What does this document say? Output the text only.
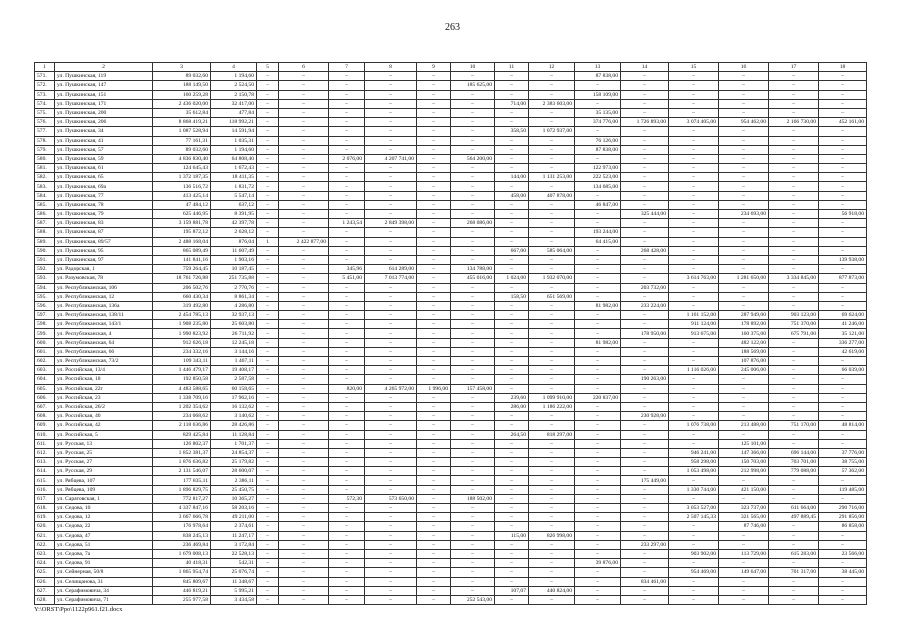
263
1	2	3	4	5	6	7	8	9	10	11	12	13	14	15	16	17	18
571.	ул. Пушкинская, 119	89 032,60	1 194,60	–	–	–	–	–	–	–	–	87 838,00	–	–	–	–	–
572.	ул. Пушкинская, 147	188 149,50	2 524,50	–	–	–	–	–	185 625,00	–	–	–	–	–	–	–	–
573.	ул. Пушкинская, 151	160 259,28	2 150,78	–	–	–	–	–	–	–	–	158 109,00	–	–	–	–	–
574.	ул. Пушкинская, 171	2 436 020,00	32 417,00	–	–	–	–	–	–	714,00	2 383 603,00	–	–	–	–	–	–
575.	ул. Пушкинская, 200	35 612,84	477,84	–	–	–	–	–	–	–	–	35 135,00	–	–	–	–	–
576.	ул. Пушкинская, 206	8 868 419,21	118 992,21	–	–	–	–	–	–	–	–	374 776,00	1 726 893,00	3 074 405,00	954 462,00	2 166 730,00	452 161,00
577.	ул. Пушкинская, 34	1 087 528,94	14 591,94	–	–	–	–	–	–	358,50	1 072 937,00	–	–	–	–	–	–
578.	ул. Пушкинская, 41	77 161,31	1 035,31	–	–	–	–	–	–	–	–	76 126,00	–	–	–	–	–
579.	ул. Пушкинская, 57	89 032,60	1 194,60	–	–	–	–	–	–	–	–	87 838,00	–	–	–	–	–
580.	ул. Пушкинская, 59	4 836 830,40	64 808,40	–	–	2 076,00	4 207 741,00	–	564 200,00	–	–	–	–	–	–	–	–
581.	ул. Пушкинская, 61	124 645,43	1 672,43	–	–	–	–	–	–	–	–	122 973,00	–	–	–	–	–
582.	ул. Пушкинская, 65	1 372 187,35	18 411,35	–	–	–	–	–	–	144,00	1 131 253,00	222 523,00	–	–	–	–	–
583.	ул. Пушкинская, 69а	136 516,72	1 831,72	–	–	–	–	–	–	–	–	134 685,00	–	–	–	–	–
584.	ул. Пушкинская, 77	413 425,14	5 547,14	–	–	–	–	–	–	458,00	407 878,00	–	–	–	–	–	–
585.	ул. Пушкинская, 78	47 484,12	637,12	–	–	–	–	–	–	–	–	46 847,00	–	–	–	–	–
586.	ул. Пушкинская, 79	625 446,95	8 391,95	–	–	–	–	–	–	–	–	–	325 444,00	–	234 693,00	–	56 918,00
587.	ул. Пушкинская, 83	3 159 881,78	42 397,78	–	–	1 243,54	2 849 398,00	–	268 086,00	–	–	–	–	–	–	–	–
588.	ул. Пушкинская, 87	195 872,12	2 628,12	–	–	–	–	–	–	–	–	193 244,00	–	–	–	–	–
589.	ул. Пушкинская, 89/57	2 488 168,04	876,04	1	2 422 877,00	–	–	–	–	–	–	64 415,00	–	–	–	–	–
590.	ул. Пушкинская, 95	865 089,49	11 607,49	–	–	–	–	–	–	667,00	585 064,00	–	268 428,00	–	–	–	–
591.	ул. Пушкинская, 97	141 841,16	1 903,16	–	–	–	–	–	–	–	–	–	–	–	–	–	139 938,00
592.	ул. Радорская, 1	759 264,45	10 187,45	–	–	345,96	614 289,00	–	134 788,00	–	–	–	–	–	–	–	–
593.	ул. Разумовская, 78	18 761 726,88	251 735,88	–	–	5 451,00	7 013 774,00	–	455 016,00	1 024,00	1 932 070,00	–	–	3 614 763,00	1 281 650,00	3 334 845,00	877 873,00
594.	ул. Республиканская, 106	206 502,76	2 770,76	–	–	–	–	–	–	–	–	–	203 732,00	–	–	–	–
595.	ул. Республиканская, 12	660 430,34	8 861,34	–	–	–	–	–	–	158,50	651 569,00	–	–	–	–	–	–
596.	ул. Республиканская, 136а	319 492,80	4 286,80	–	–	–	–	–	–	–	–	81 982,00	233 224,00	–	–	–	–
597.	ул. Республиканская, 138/11	2 454 785,13	32 937,13	–	–	–	–	–	–	–	–	–	–	1 161 152,00	287 949,00	903 123,00	69 624,00
598.	ул. Республиканская, 143/1	1 908 235,80	25 603,80	–	–	–	–	–	–	–	–	–	–	911 124,00	178 892,00	751 370,00	41 246,00
599.	ул. Республиканская, 4	1 990 823,92	26 711,92	–	–	–	–	–	–	–	–	–	178 950,00	913 675,00	160 375,00	675 791,00	35 121,00
600.	ул. Республиканская, 64	912 626,18	12 245,18	–	–	–	–	–	–	–	–	81 982,00	–	–	482 122,00	–	336 277,00
601.	ул. Республиканская, 66	234 332,16	3 144,16	–	–	–	–	–	–	–	–	–	–	–	188 569,00	–	42 619,00
602.	ул. Республиканская, 73/2	109 343,11	1 467,11	–	–	–	–	–	–	–	–	–	–	–	107 876,00	–	–
603.	ул. Российская, 13/4	1 446 479,17	19 408,17	–	–	–	–	–	–	–	–	–	–	1 116 026,00	245 006,00	–	66 039,00
604.	ул. Российская, 18	192 850,58	2 587,58	–	–	–	–	–	–	–	–	–	190 263,00	–	–	–	–
605.	ул. Российская, 22г	4 483 588,65	60 158,65	–	–	820,00	4 265 972,00	1 996,00	157 458,00	–	–	–	–	–	–	–	–
606.	ул. Российская, 23	1 338 709,16	17 962,16	–	–	–	–	–	–	239,60	1 099 910,00	220 837,00	–	–	–	–	–
607.	ул. Российская, 26/2	1 202 354,62	16 132,62	–	–	–	–	–	–	286,00	1 186 222,00	–	–	–	–	–	–
608.	ул. Российская, 40	234 068,62	3 140,62	–	–	–	–	–	–	–	–	–	230 928,00	–	–	–	–
609.	ул. Российская, 42	2 118 636,86	28 426,86	–	–	–	–	–	–	–	–	–	–	1 076 738,00	213 488,00	751 170,00	48 814,00
610.	ул. Российская, 5	829 425,84	11 128,84	–	–	–	–	–	–	264,50	818 297,00	–	–	–	–	–	–
611.	ул. Русская, 13	126 802,37	1 701,37	–	–	–	–	–	–	–	–	–	–	–	125 101,00	–	–
612.	ул. Русская, 25	1 852 381,37	24 854,37	–	–	–	–	–	–	–	–	–	–	946 241,00	147 366,00	696 144,00	37 776,00
613.	ул. Русская, 27	1 876 636,82	25 179,82	–	–	–	–	–	–	–	–	–	–	958 298,00	150 703,00	703 701,00	38 755,00
614.	ул. Русская, 29	2 131 546,07	28 600,07	–	–	–	–	–	–	–	–	–	–	1 053 498,00	212 998,00	779 088,00	57 362,00
615.	ул. Рябцева, 107	177 835,11	2 386,11	–	–	–	–	–	–	–	–	–	175 449,00	–	–	–	–
616.	ул. Рябцева, 109	1 896 829,75	25 450,75	–	–	–	–	–	–	–	–	–	–	1 330 744,00	421 150,00	–	119 485,00
617.	ул. Саратовская, 1	772 817,27	10 365,27	–	–	572,30	573 650,00	–	188 502,00	–	–	–	–	–	–	–	–
618.	ул. Седова, 10	4 337 847,16	58 203,16	–	–	–	–	–	–	–	–	–	–	3 053 527,00	323 737,00	611 664,00	290 716,00
619.	ул. Седова, 12	3 667 666,78	49 211,00	–	–	–	–	–	–	–	–	–	–	2 507 145,33	321 565,00	497 889,45	291 856,00
620.	ул. Седова, 22	176 978,64	2 374,61	–	–	–	–	–	–	–	–	–	–	–	87 746,00	–	86 858,00
621.	ул. Седова, 47	838 245,13	11 247,17	–	–	–	–	–	–	115,00	826 998,00	–	–	–	–	–	–
622.	ул. Седова, 51	236 469,84	3 172,84	–	–	–	–	–	–	–	–	–	233 297,00	–	–	–	–
623.	ул. Седова, 7а	1 679 008,13	22 528,13	–	–	–	–	–	–	–	–	–	–	903 902,00	113 729,00	615 283,00	23 566,00
624.	ул. Седова, 91	40 418,31	542,31	–	–	–	–	–	–	–	–	39 876,00	–	–	–	–	–
625.	ул. Сейнерная, 50/8	1 865 954,74	25 076,74	–	–	–	–	–	–	–	–	–	–	954 469,00	149 647,00	701 317,00	38 445,00
626.	ул. Селищанова, 31	845 809,67	11 348,67	–	–	–	–	–	–	–	–	–	834 461,00	–	–	–	–
627.	ул. Серафимовича, 34	446 819,21	5 995,21	–	–	–	–	–	–	107,07	440 824,00	–	–	–	–	–	–
628.	ул. Серафимовича, 71	255 977,58	3 434,58	–	–	–	–	–	252 543,00	–	–	–	–	–	–	–	–
Y:\ORST\Ppo\1122p961.f21.docx
